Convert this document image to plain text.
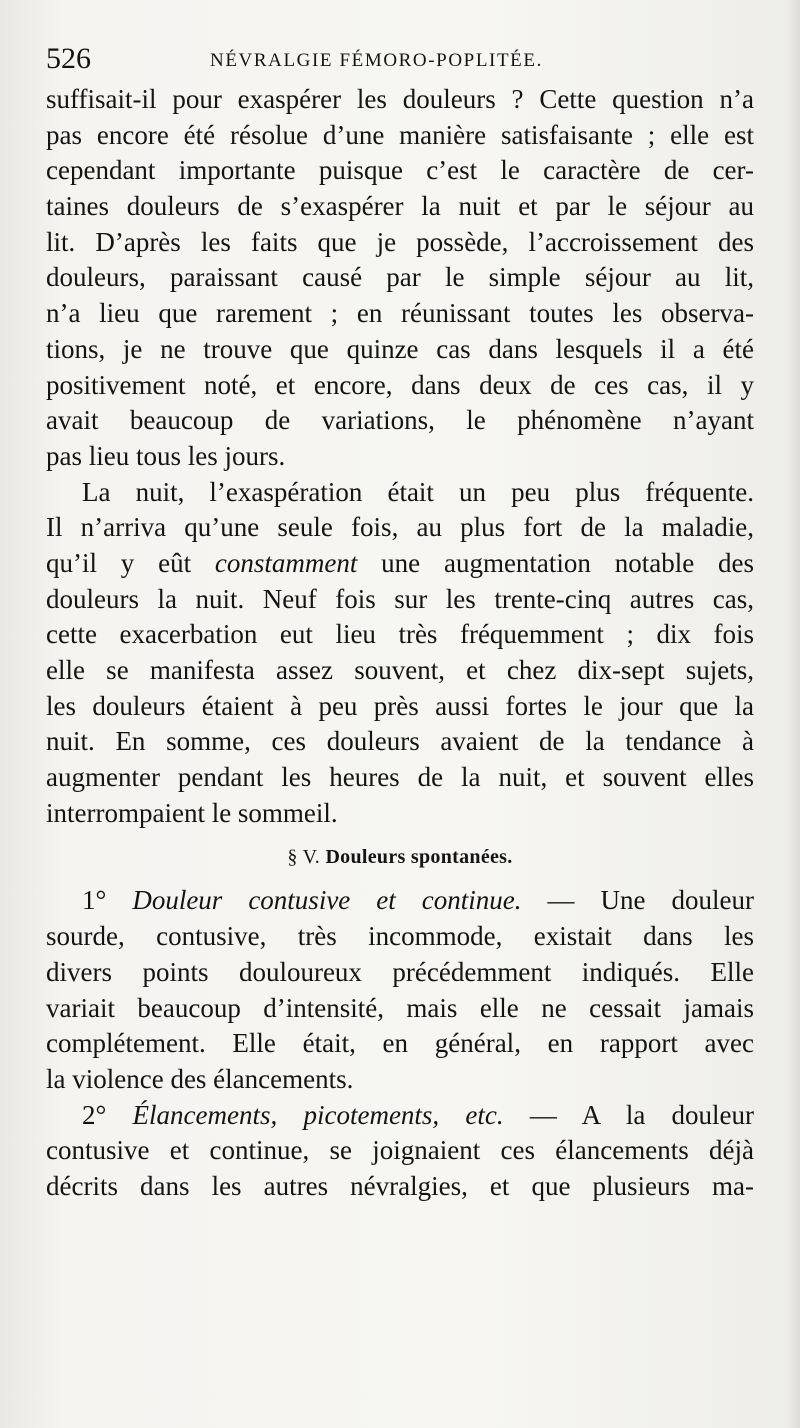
526	NÉVRALGIE FÉMORO-POPLITÉE.
suffisait-il pour exaspérer les douleurs ? Cette question n’a
pas encore été résolue d’une manière satisfaisante ; elle est
cependant importante puisque c’est le caractère de cer-
taines douleurs de s’exaspérer la nuit et par le séjour au
lit. D’après les faits que je possède, l’accroissement des
douleurs, paraissant causé par le simple séjour au lit,
n’a lieu que rarement ; en réunissant toutes les observa-
tions, je ne trouve que quinze cas dans lesquels il a été
positivement noté, et encore, dans deux de ces cas, il y
avait beaucoup de variations, le phénomène n’ayant
pas lieu tous les jours.
La nuit, l’exaspération était un peu plus fréquente.
Il n’arriva qu’une seule fois, au plus fort de la maladie,
qu’il y eût constamment une augmentation notable des
douleurs la nuit. Neuf fois sur les trente-cinq autres cas,
cette exacerbation eut lieu très fréquemment ; dix fois
elle se manifesta assez souvent, et chez dix-sept sujets,
les douleurs étaient à peu près aussi fortes le jour que la
nuit. En somme, ces douleurs avaient de la tendance à
augmenter pendant les heures de la nuit, et souvent elles
interrompaient le sommeil.
§ V. Douleurs spontanées.
1° Douleur contusive et continue. — Une douleur
sourde, contusive, très incommode, existait dans les
divers points douloureux précédemment indiqués. Elle
variait beaucoup d’intensité, mais elle ne cessait jamais
complétement. Elle était, en général, en rapport avec
la violence des élancements.
2° Élancements, picotements, etc. — A la douleur
contusive et continue, se joignaient ces élancements déjà
décrits dans les autres névralgies, et que plusieurs ma-
